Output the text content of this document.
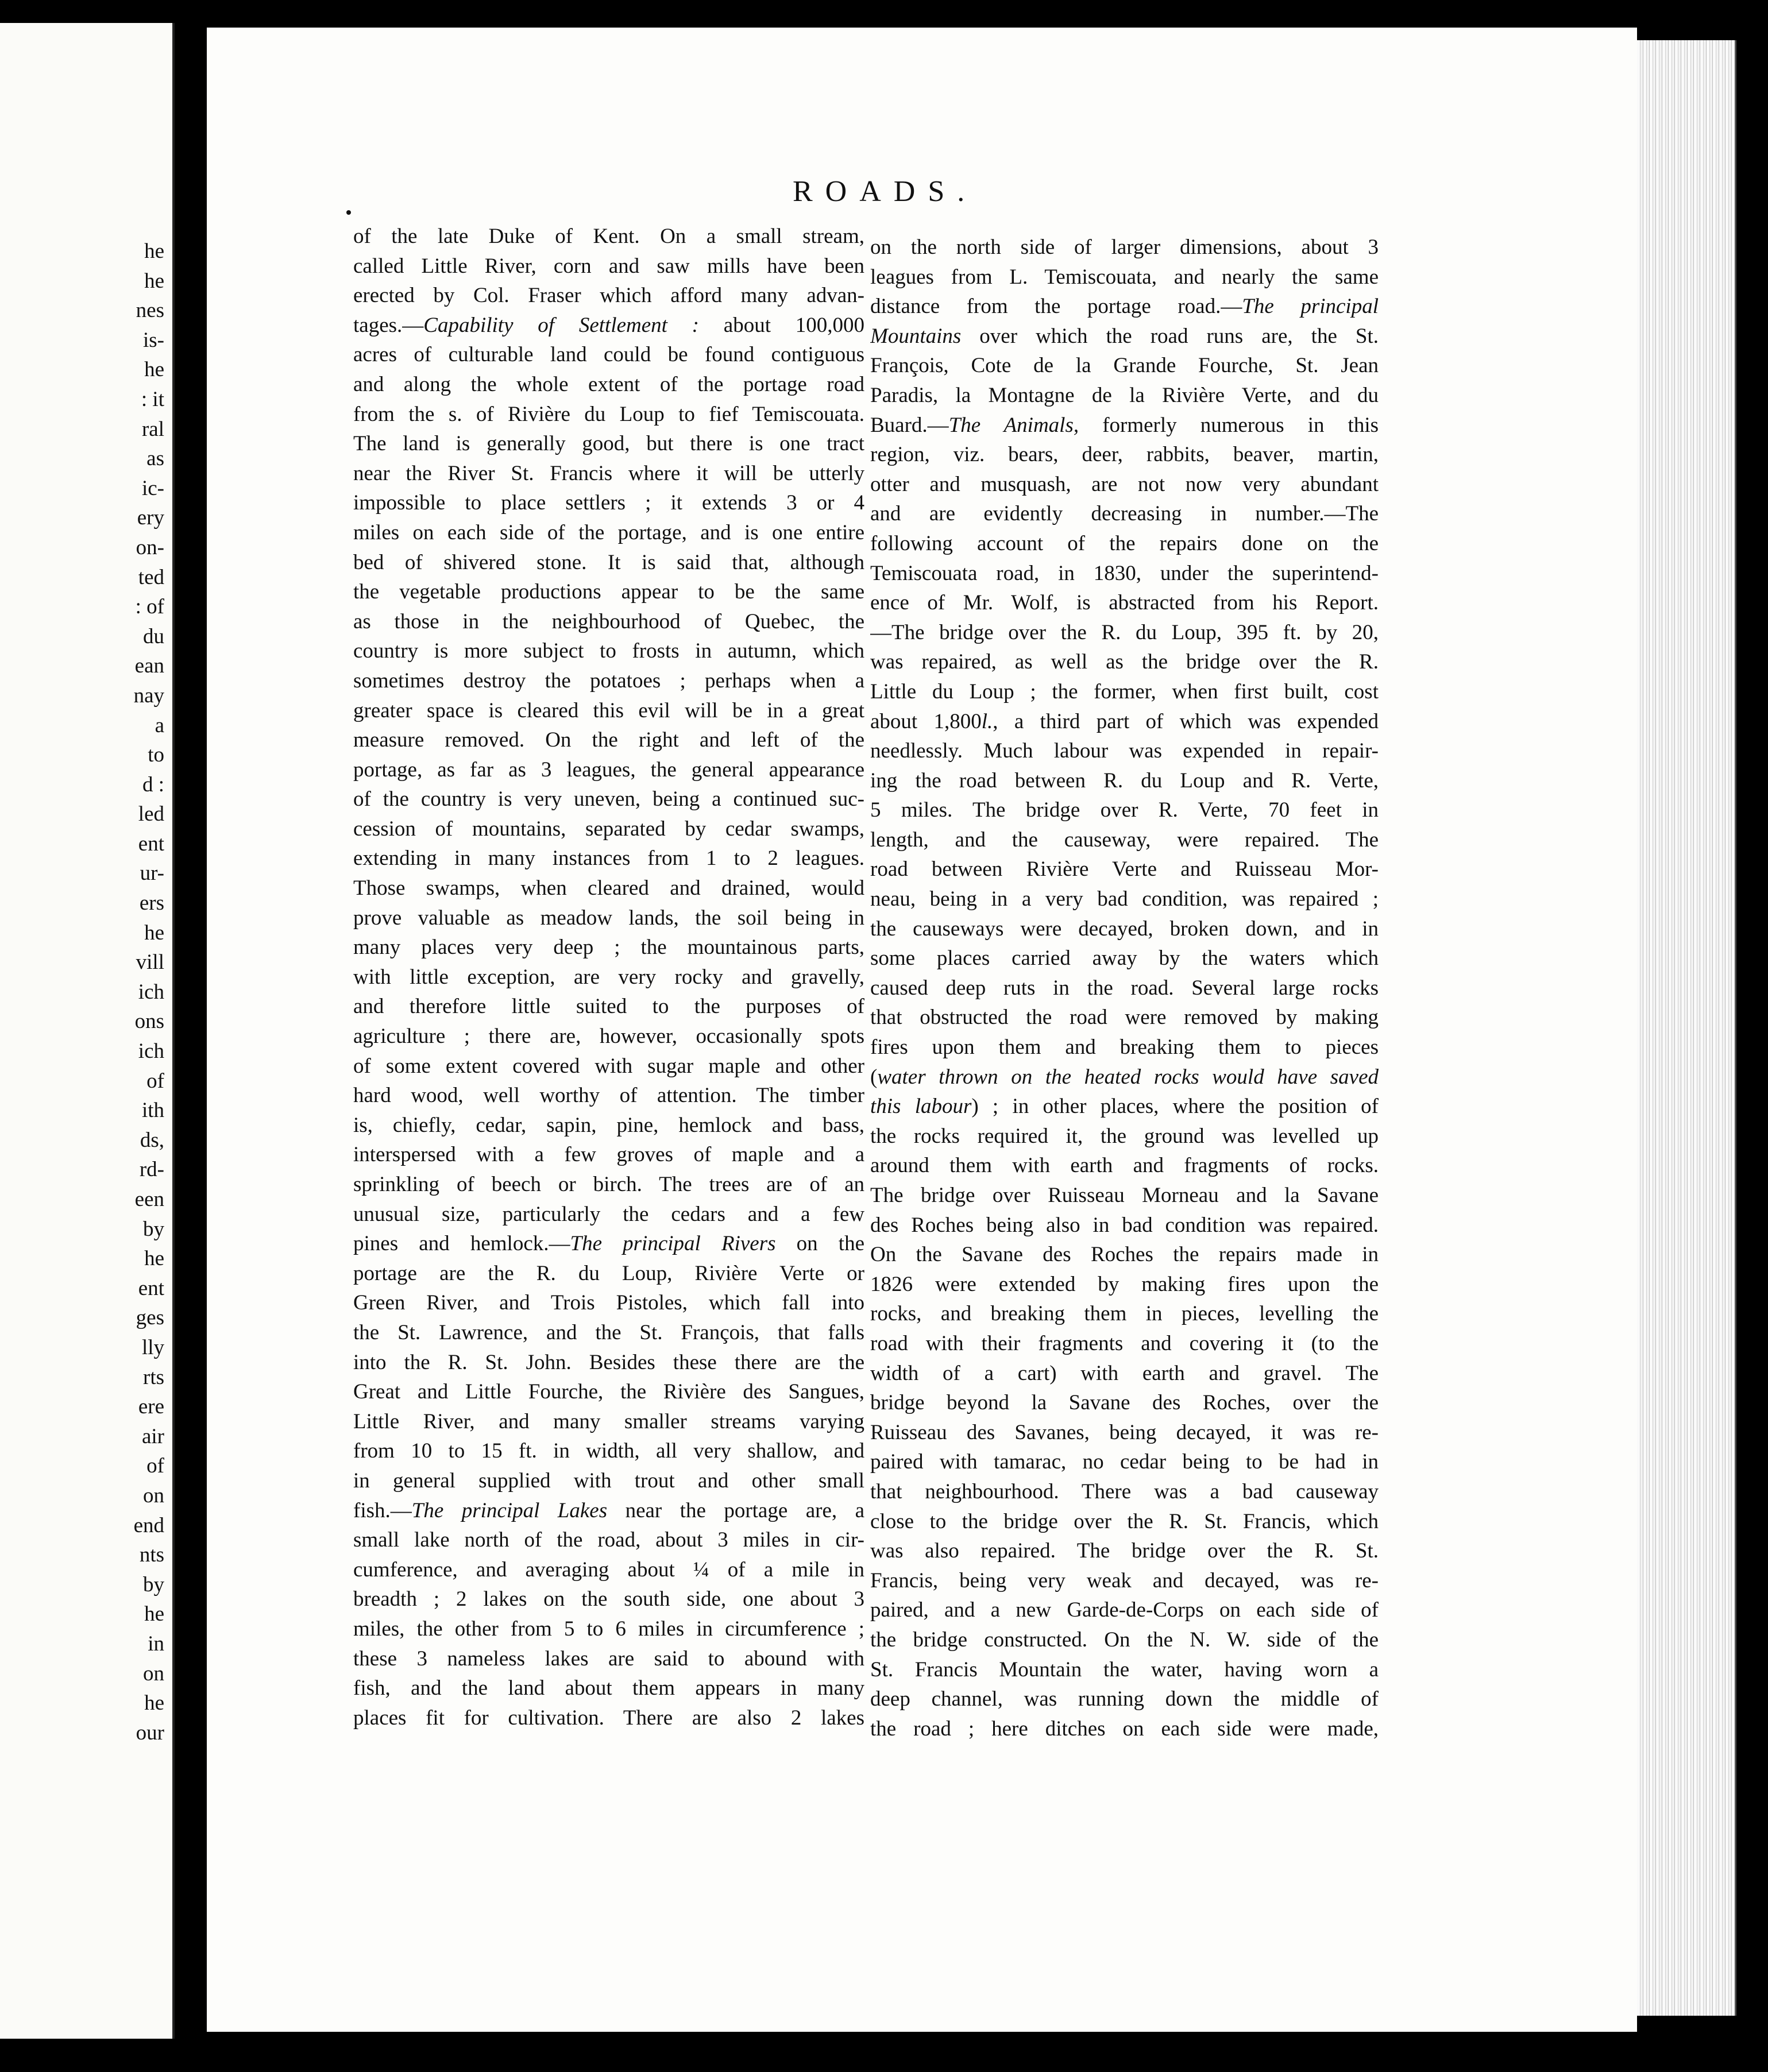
he
he
nes
is-
he
: it
ral
as
ic-
ery
on-
ted
: of
du
ean
nay
a
to
d :
led
ent
ur-
ers
he
vill
ich
ons
ich
of
ith
ds,
rd-
een
by
he
ent
ges
lly
rts
ere
air
of
on
end
nts
by
he
in
on
he
our
ROADS.
of the late Duke of Kent. On a small stream,
called Little River, corn and saw mills have been
erected by Col. Fraser which afford many advan-
tages.—Capability of Settlement : about 100,000
acres of culturable land could be found contiguous
and along the whole extent of the portage road
from the s. of Rivière du Loup to fief Temiscouata.
The land is generally good, but there is one tract
near the River St. Francis where it will be utterly
impossible to place settlers ; it extends 3 or 4
miles on each side of the portage, and is one entire
bed of shivered stone. It is said that, although
the vegetable productions appear to be the same
as those in the neighbourhood of Quebec, the
country is more subject to frosts in autumn, which
sometimes destroy the potatoes ; perhaps when a
greater space is cleared this evil will be in a great
measure removed. On the right and left of the
portage, as far as 3 leagues, the general appearance
of the country is very uneven, being a continued suc-
cession of mountains, separated by cedar swamps,
extending in many instances from 1 to 2 leagues.
Those swamps, when cleared and drained, would
prove valuable as meadow lands, the soil being in
many places very deep ; the mountainous parts,
with little exception, are very rocky and gravelly,
and therefore little suited to the purposes of
agriculture ; there are, however, occasionally spots
of some extent covered with sugar maple and other
hard wood, well worthy of attention. The timber
is, chiefly, cedar, sapin, pine, hemlock and bass,
interspersed with a few groves of maple and a
sprinkling of beech or birch. The trees are of an
unusual size, particularly the cedars and a few
pines and hemlock.—The principal Rivers on the
portage are the R. du Loup, Rivière Verte or
Green River, and Trois Pistoles, which fall into
the St. Lawrence, and the St. François, that falls
into the R. St. John. Besides these there are the
Great and Little Fourche, the Rivière des Sangues,
Little River, and many smaller streams varying
from 10 to 15 ft. in width, all very shallow, and
in general supplied with trout and other small
fish.—The principal Lakes near the portage are, a
small lake north of the road, about 3 miles in cir-
cumference, and averaging about ¼ of a mile in
breadth ; 2 lakes on the south side, one about 3
miles, the other from 5 to 6 miles in circumference ;
these 3 nameless lakes are said to abound with
fish, and the land about them appears in many
places fit for cultivation. There are also 2 lakes
on the north side of larger dimensions, about 3
leagues from L. Temiscouata, and nearly the same
distance from the portage road.—The principal
Mountains over which the road runs are, the St.
François, Cote de la Grande Fourche, St. Jean
Paradis, la Montagne de la Rivière Verte, and du
Buard.—The Animals, formerly numerous in this
region, viz. bears, deer, rabbits, beaver, martin,
otter and musquash, are not now very abundant
and are evidently decreasing in number.—The
following account of the repairs done on the
Temiscouata road, in 1830, under the superintend-
ence of Mr. Wolf, is abstracted from his Report.
—The bridge over the R. du Loup, 395 ft. by 20,
was repaired, as well as the bridge over the R.
Little du Loup ; the former, when first built, cost
about 1,800l., a third part of which was expended
needlessly. Much labour was expended in repair-
ing the road between R. du Loup and R. Verte,
5 miles. The bridge over R. Verte, 70 feet in
length, and the causeway, were repaired. The
road between Rivière Verte and Ruisseau Mor-
neau, being in a very bad condition, was repaired ;
the causeways were decayed, broken down, and in
some places carried away by the waters which
caused deep ruts in the road. Several large rocks
that obstructed the road were removed by making
fires upon them and breaking them to pieces
(water thrown on the heated rocks would have saved
this labour) ; in other places, where the position of
the rocks required it, the ground was levelled up
around them with earth and fragments of rocks.
The bridge over Ruisseau Morneau and la Savane
des Roches being also in bad condition was repaired.
On the Savane des Roches the repairs made in
1826 were extended by making fires upon the
rocks, and breaking them in pieces, levelling the
road with their fragments and covering it (to the
width of a cart) with earth and gravel. The
bridge beyond la Savane des Roches, over the
Ruisseau des Savanes, being decayed, it was re-
paired with tamarac, no cedar being to be had in
that neighbourhood. There was a bad causeway
close to the bridge over the R. St. Francis, which
was also repaired. The bridge over the R. St.
Francis, being very weak and decayed, was re-
paired, and a new Garde-de-Corps on each side of
the bridge constructed. On the N. W. side of the
St. Francis Mountain the water, having worn a
deep channel, was running down the middle of
the road ; here ditches on each side were made,
